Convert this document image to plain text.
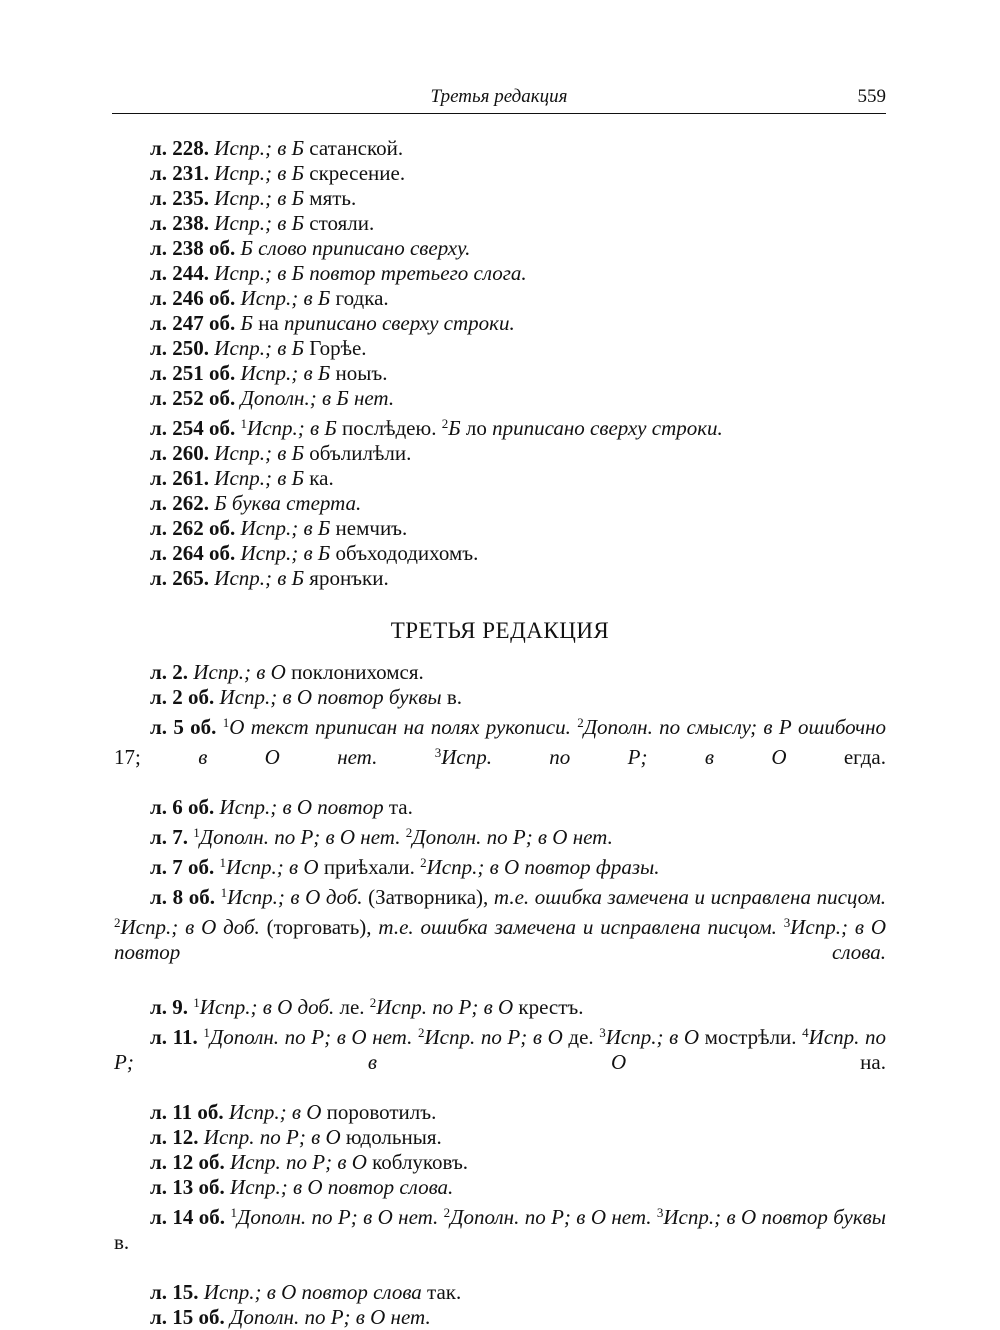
Третья редакция	559

л. 228. Испр.; в Б сатанской.

л. 231. Испр.; в Б скресение.

л. 235. Испр.; в Б мять.

л. 238. Испр.; в Б стояли.

л. 238 об. Б слово приписано сверху.

л. 244. Испр.; в Б повтор третьего слога.

л. 246 об. Испр.; в Б годка.

л. 247 об. Б на приписано сверху строки.

л. 250. Испр.; в Б Горѣе.

л. 251 об. Испр.; в Б ноыъ.

л. 252 об. Дополн.; в Б нет.

л. 254 об. $^1$Испр.; в Б послѣдею. $^2$Б ло приписано сверху строки.

л. 260. Испр.; в Б обълилѣли.

л. 261. Испр.; в Б ка.

л. 262. Б буква стерта.

л. 262 об. Испр.; в Б немчиъ.

л. 264 об. Испр.; в Б объхододихомъ.

л. 265. Испр.; в Б яронъки.

ТРЕТЬЯ РЕДАКЦИЯ

л. 2. Испр.; в О поклонихомся.

л. 2 об. Испр.; в О повтор буквы в.

л. 5 об. $^1$О текст приписан на полях рукописи. $^2$Дополн. по смыслу; в Р ошибочно 17; в О нет. $^3$Испр. по Р; в О егда.

л. 6 об. Испр.; в О повтор та.

л. 7. $^1$Дополн. по Р; в О нет. $^2$Дополн. по Р; в О нет.

л. 7 об. $^1$Испр.; в О приѣхали. $^2$Испр.; в О повтор фразы.

л. 8 об. $^1$Испр.; в О доб. (Затворника), т.е. ошибка замечена и исправлена писцом. $^2$Испр.; в О доб. (торговать), т.е. ошибка замечена и исправлена писцом. $^3$Испр.; в О повтор слова.

л. 9. $^1$Испр.; в О доб. ле. $^2$Испр. по Р; в О крестъ.

л. 11. $^1$Дополн. по Р; в О нет. $^2$Испр. по Р; в О де. $^3$Испр.; в О мострѣли. $^4$Испр. по Р; в О на.

л. 11 об. Испр.; в О поровотилъ.

л. 12. Испр. по Р; в О юдольныя.

л. 12 об. Испр. по Р; в О коблуковъ.

л. 13 об. Испр.; в О повтор слова.

л. 14 об. $^1$Дополн. по Р; в О нет. $^2$Дополн. по Р; в О нет. $^3$Испр.; в О повтор буквы в.

л. 15. Испр.; в О повтор слова так.

л. 15 об. Дополн. по Р; в О нет.
